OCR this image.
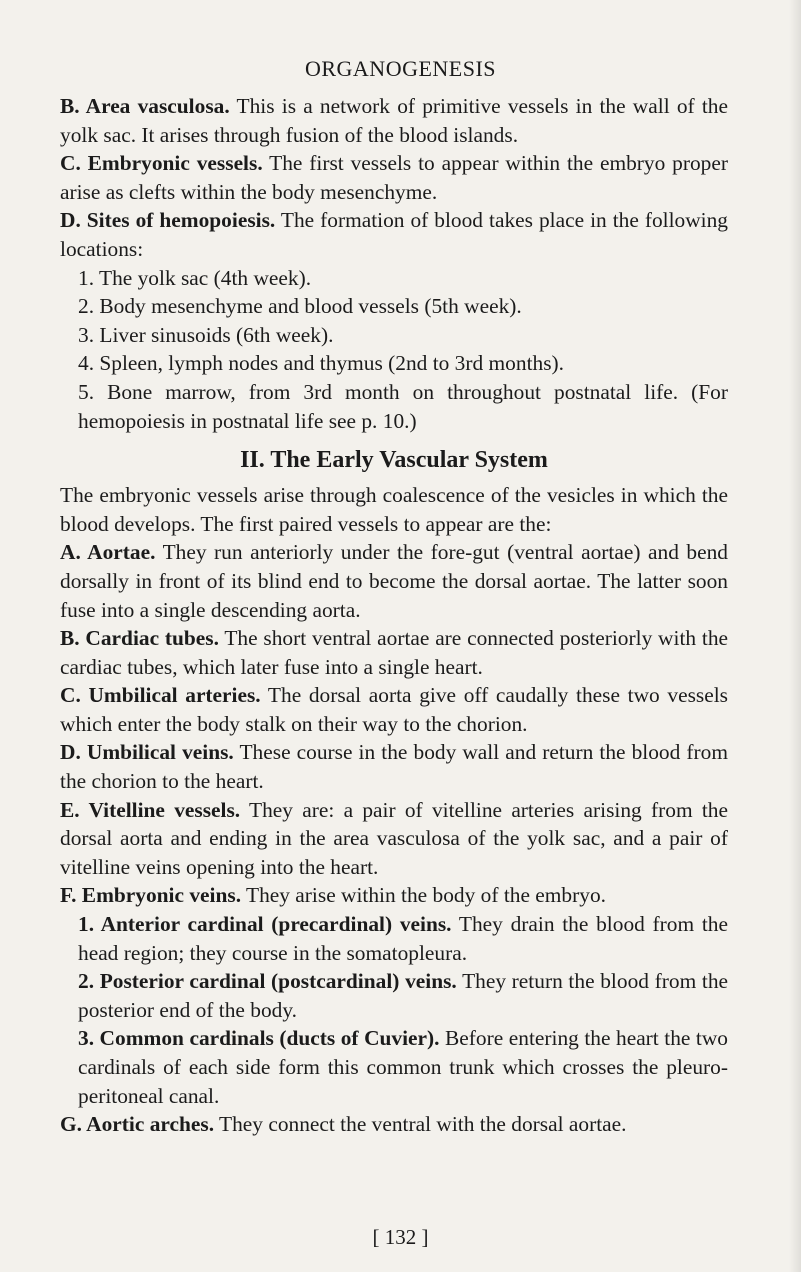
ORGANOGENESIS

B. Area vasculosa. This is a network of primitive vessels in the wall of the yolk sac. It arises through fusion of the blood islands.

C. Embryonic vessels. The first vessels to appear within the embryo proper arise as clefts within the body mesenchyme.

D. Sites of hemopoiesis. The formation of blood takes place in the following locations:

1. The yolk sac (4th week).

2. Body mesenchyme and blood vessels (5th week).

3. Liver sinusoids (6th week).

4. Spleen, lymph nodes and thymus (2nd to 3rd months).

5. Bone marrow, from 3rd month on throughout postnatal life. (For hemopoiesis in postnatal life see p. 10.)

II. The Early Vascular System

The embryonic vessels arise through coalescence of the vesicles in which the blood develops. The first paired vessels to appear are the:

A. Aortae. They run anteriorly under the fore-gut (ventral aortae) and bend dorsally in front of its blind end to become the dorsal aortae. The latter soon fuse into a single descending aorta.

B. Cardiac tubes. The short ventral aortae are connected posteriorly with the cardiac tubes, which later fuse into a single heart.

C. Umbilical arteries. The dorsal aorta give off caudally these two vessels which enter the body stalk on their way to the chorion.

D. Umbilical veins. These course in the body wall and return the blood from the chorion to the heart.

E. Vitelline vessels. They are: a pair of vitelline arteries arising from the dorsal aorta and ending in the area vasculosa of the yolk sac, and a pair of vitelline veins opening into the heart.

F. Embryonic veins. They arise within the body of the embryo.

1. Anterior cardinal (precardinal) veins. They drain the blood from the head region; they course in the somatopleura.

2. Posterior cardinal (postcardinal) veins. They return the blood from the posterior end of the body.

3. Common cardinals (ducts of Cuvier). Before entering the heart the two cardinals of each side form this common trunk which crosses the pleuro-peritoneal canal.

G. Aortic arches. They connect the ventral with the dorsal aortae.

[ 132 ]
